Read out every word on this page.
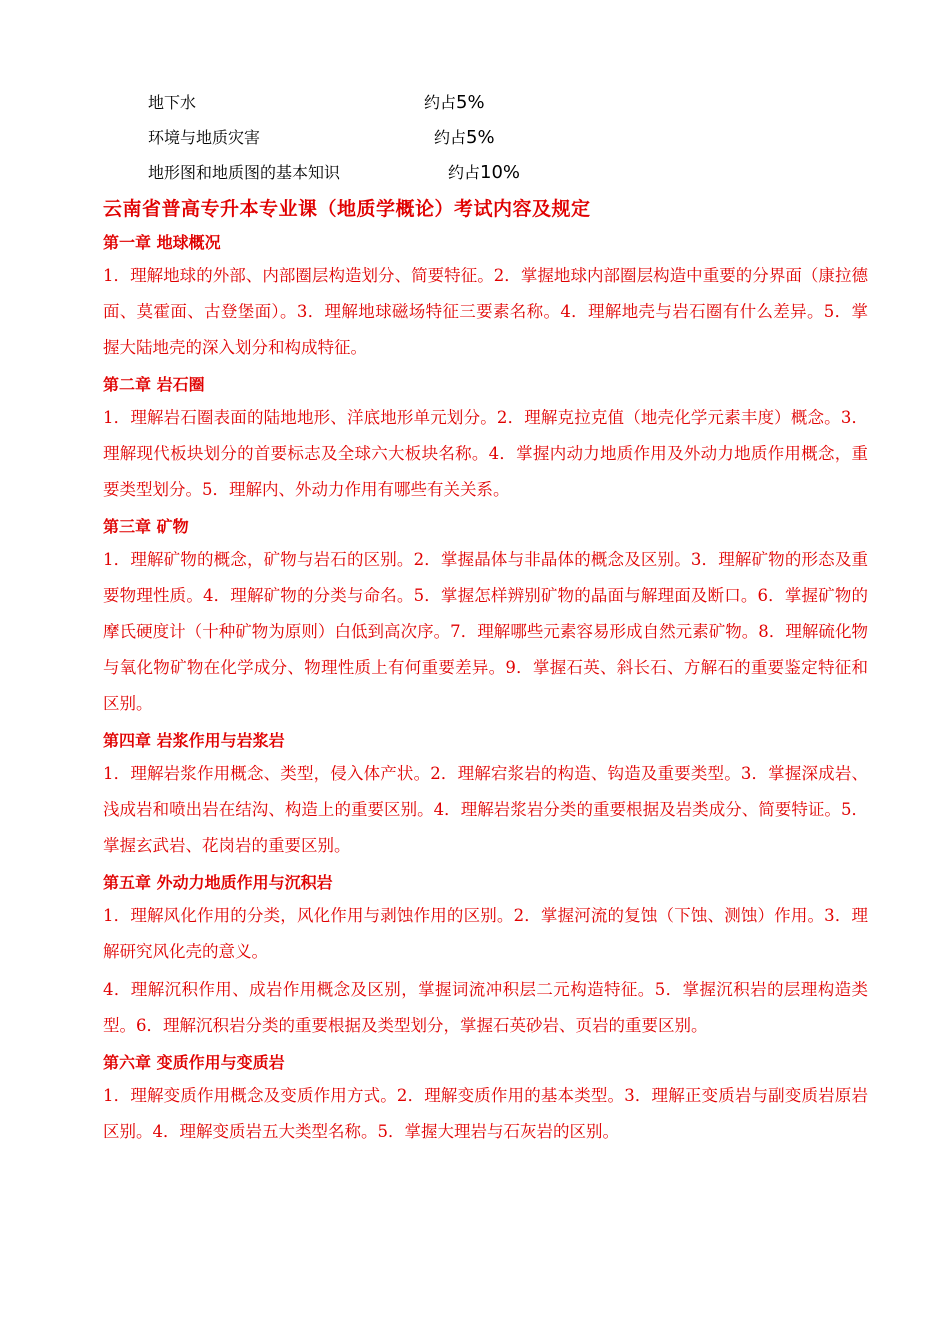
地下水	约占5%
环境与地质灾害	约占5%
地形图和地质图的基本知识	约占10%
云南省普高专升本专业课（地质学概论）考试内容及规定
第一章 地球概况

1．理解地球的外部、内部圈层构造划分、简要特征。2．掌握地球内部圈层构造中重要的分界面（康拉德面、莫霍面、古登堡面）。3．理解地球磁场特征三要素名称。4．理解地壳与岩石圈有什么差异。5．掌握大陆地壳的深入划分和构成特征。

第二章 岩石圈

1．理解岩石圈表面的陆地地形、洋底地形单元划分。2．理解克拉克值（地壳化学元素丰度）概念。3．理解现代板块划分的首要标志及全球六大板块名称。4．掌握内动力地质作用及外动力地质作用概念，重要类型划分。5．理解内、外动力作用有哪些有关关系。

第三章 矿物

1．理解矿物的概念，矿物与岩石的区别。2．掌握晶体与非晶体的概念及区别。3．理解矿物的形态及重要物理性质。4．理解矿物的分类与命名。5．掌握怎样辨别矿物的晶面与解理面及断口。6．掌握矿物的摩氏硬度计（十种矿物为原则）白低到高次序。7．理解哪些元素容易形成自然元素矿物。8．理解硫化物与氧化物矿物在化学成分、物理性质上有何重要差异。9．掌握石英、斜长石、方解石的重要鉴定特征和区别。

第四章 岩浆作用与岩浆岩

1．理解岩浆作用概念、类型，侵入体产状。2．理解宕浆岩的构造、钩造及重要类型。3．掌握深成岩、浅成岩和喷出岩在结沟、构造上的重要区别。4．理解岩浆岩分类的重要根据及岩类成分、简要特证。5．掌握玄武岩、花岗岩的重要区别。

第五章 外动力地质作用与沉积岩

1．理解风化作用的分类，风化作用与剥蚀作用的区别。2．掌握河流的复蚀（下蚀、测蚀）作用。3．理解研究风化壳的意义。

4．理解沉积作用、成岩作用概念及区别，掌握词流冲积层二元构造特征。5．掌握沉积岩的层理构造类型。6．理解沉积岩分类的重要根据及类型划分，掌握石英砂岩、页岩的重要区别。

第六章 变质作用与变质岩

1．理解变质作用概念及变质作用方式。2．理解变质作用的基本类型。3．理解正变质岩与副变质岩原岩区别。4．理解变质岩五大类型名称。5．掌握大理岩与石灰岩的区别。
